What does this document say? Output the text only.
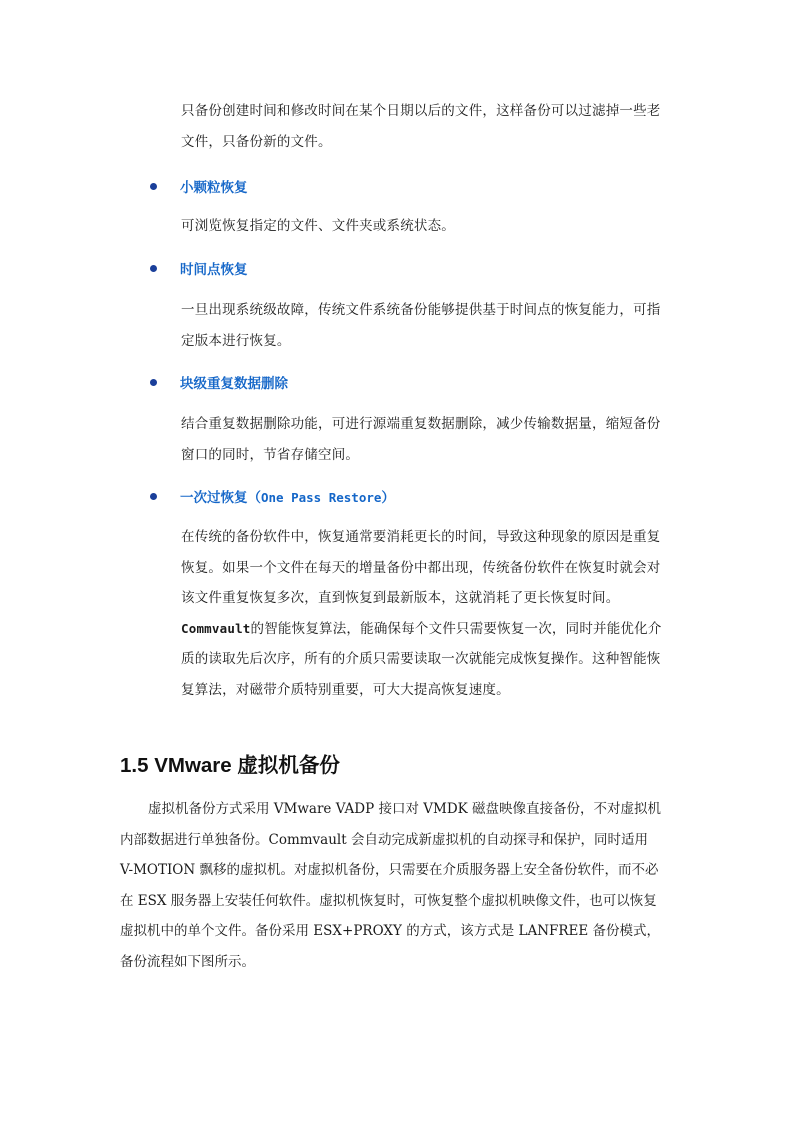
只备份创建时间和修改时间在某个日期以后的文件，这样备份可以过滤掉一些老
文件，只备份新的文件。
小颗粒恢复
可浏览恢复指定的文件、文件夹或系统状态。
时间点恢复
一旦出现系统级故障，传统文件系统备份能够提供基于时间点的恢复能力，可指
定版本进行恢复。
块级重复数据删除
结合重复数据删除功能，可进行源端重复数据删除，减少传输数据量，缩短备份
窗口的同时，节省存储空间。
一次过恢复（One Pass Restore）
在传统的备份软件中，恢复通常要消耗更长的时间，导致这种现象的原因是重复
恢复。如果一个文件在每天的增量备份中都出现，传统备份软件在恢复时就会对
该文件重复恢复多次，直到恢复到最新版本，这就消耗了更长恢复时间。
Commvault的智能恢复算法，能确保每个文件只需要恢复一次，同时并能优化介
质的读取先后次序，所有的介质只需要读取一次就能完成恢复操作。这种智能恢
复算法，对磁带介质特别重要，可大大提高恢复速度。
1.5 VMware 虚拟机备份
虚拟机备份方式采用 VMware VADP 接口对 VMDK 磁盘映像直接备份，不对虚拟机
内部数据进行单独备份。Commvault 会自动完成新虚拟机的自动探寻和保护，同时适用
V-MOTION 飘移的虚拟机。对虚拟机备份，只需要在介质服务器上安全备份软件，而不必
在 ESX 服务器上安装任何软件。虚拟机恢复时，可恢复整个虚拟机映像文件，也可以恢复
虚拟机中的单个文件。备份采用 ESX+PROXY 的方式，该方式是 LANFREE 备份模式，
备份流程如下图所示。
